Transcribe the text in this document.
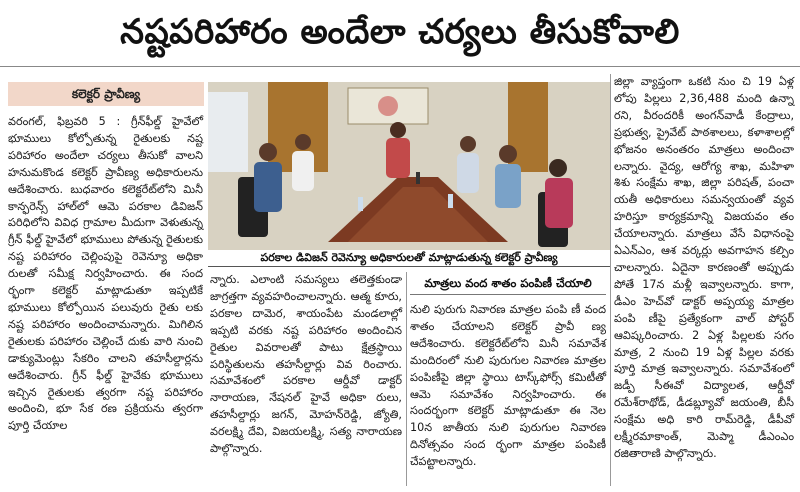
నష్టపరిహారం అందేలా చర్యలు తీసుకోవాలి
కలెక్టర్ ప్రావీణ్య

వరంగల్, ఫిబ్రవరి 5 : గ్రీన్‌ఫీల్డ్ హైవేలో భూములు కోల్పోతున్న రైతులకు నష్ట పరిహారం అందేలా చర్యలు తీసుకో వాలని హనుమకొండ కలెక్టర్ ప్రావీణ్య అధికారులను ఆదేశించారు. బుధవారం కలెక్టరేట్‌లోని మినీ కాన్ఫరెన్స్ హాల్‌లో ఆమె పరకాల డివిజన్ పరిధిలోని వివిధ గ్రామాల మీదుగా వెళుతున్న గ్రీన్ ఫీల్డ్ హైవేలో భూములు పోతున్న రైతులకు నష్ట పరిహారం చెల్లింపుపై రెవెన్యూ అధికా రులతో సమీక్ష నిర్వహించారు. ఈ సంద ర్భంగా కలెక్టర్ మాట్లాడుతూ ఇప్పటికే భూములు కోల్పోయిన పలువురు రైతు లకు నష్ట పరిహారం అందించామన్నారు. మిగిలిన రైతులకు పరిహారం చెల్లించే దుకు వారి నుంచి డాక్యుమెంట్లు సేకరిం చాలని తహసీల్దార్లను ఆదేశించారు. గ్రీన్ ఫీల్డ్ హైవేకు భూములు ఇచ్చిన రైతులకు త్వరగా నష్ట పరిహారం అందించి, భూ సేక రణ ప్రక్రియను త్వరగా పూర్తి చేయాల

పరకాల డివిజన్ రెవెన్యూ అధికారులతో మాట్లాడుతున్న కలెక్టర్ ప్రావీణ్య

న్నారు. ఎలాంటి సమస్యలు తలెత్తకుండా జాగ్రత్తగా వ్యవహరించాలన్నారు. ఆత్మ కూరు, పరకాల దామెర, శాయంపేట మండలాల్లో ఇప్పటి వరకు నష్ట పరిహారం అందించిన రైతుల వివరాలతో పాటు క్షేత్రస్థాయి పరిస్థితులను తహసీల్దార్లు వివ రించారు. సమావేశంలో పరకాల ఆర్డీవో డాక్టర్ నారాయణ, నేషనల్ హైవే అధికా రులు, తహసీల్దార్లు జగన్, మోహన్‌రెడ్డి, జ్యోతి, వరలక్ష్మి దేవి, విజయలక్ష్మి, సత్య నారాయణ పాల్గొన్నారు.

మాత్రలు వంద శాతం పంపిణీ చేయాలి

నులి పురుగు నివారణ మాత్రల పంపి ణీ వంద శాతం చేయాలని కలెక్టర్ ప్రావీ ణ్య ఆదేశించారు. కలెక్టరేట్‌లోని మినీ సమావేశ మందిరంలో నులి పురుగుల నివారణ మాత్రల పంపిణీపై జిల్లా స్థాయి టాస్క్‌ఫోర్స్ కమిటీతో ఆమె సమావేశం నిర్వహించారు. ఈ సందర్భంగా కలెక్టర్ మాట్లాడుతూ ఈ నెల 10న జాతీయ నులి పురుగుల నివారణ దినోత్సవం సంద ర్భంగా మాత్రల పంపిణీ చేపట్టాలన్నారు.

జిల్లా వ్యాప్తంగా ఒకటి నుం చి 19 ఏళ్ల లోపు పిల్లలు 2,36,488 మంది ఉన్నా రని, వీరందరికీ అంగన్‌వాడీ కేంద్రాలు, ప్రభుత్వ, ప్రైవేట్ పాఠశాలలు, కళాశాలల్లో భోజనం అనంతరం మాత్రలు అందించా లన్నారు. వైద్య, ఆరోగ్య శాఖ, మహిళా శిశు సంక్షేమ శాఖ, జిల్లా పరిషత్, పంచా యతీ అధికారులు సమన్వయంతో వ్యవ హరిస్తూ కార్యక్రమాన్ని విజయవం తం చేయాలన్నారు. మాత్రలు వేసే విధానంపై ఏఎన్‌ఎం, ఆశ వర్కర్లు అవగాహన కల్పిం చాలన్నారు. ఏదైనా కారణంతో అప్పుడు పోతే 17న మళ్లీ ఇవ్వాలన్నారు. కాగా, డీఎం హెచ్‌వో డాక్టర్ అప్పయ్య మాత్రల పంపి ణీపై ప్రత్యేకంగా వాల్ పోస్టర్ ఆవిష్కరించారు. 2 ఏళ్ల పిల్లలకు సగం మాత్ర, 2 నుంచి 19 ఏళ్ల పిల్లల వరకు పూర్తి మాత్ర ఇవ్వాలన్నారు. సమావేశంలో జడ్పీ సీఈవో విద్యాలత, ఆర్డీవో రమేశ్‌రాథోడ్, డీడబ్ల్యూవో జయంతి, బీసీ సంక్షేమ అధి కారి రామ్‌రెడ్డి, డీపీవో లక్ష్మీరమాకాంత్, మెప్మా డీఎంఎం రజితారాణి పాల్గొన్నారు.
